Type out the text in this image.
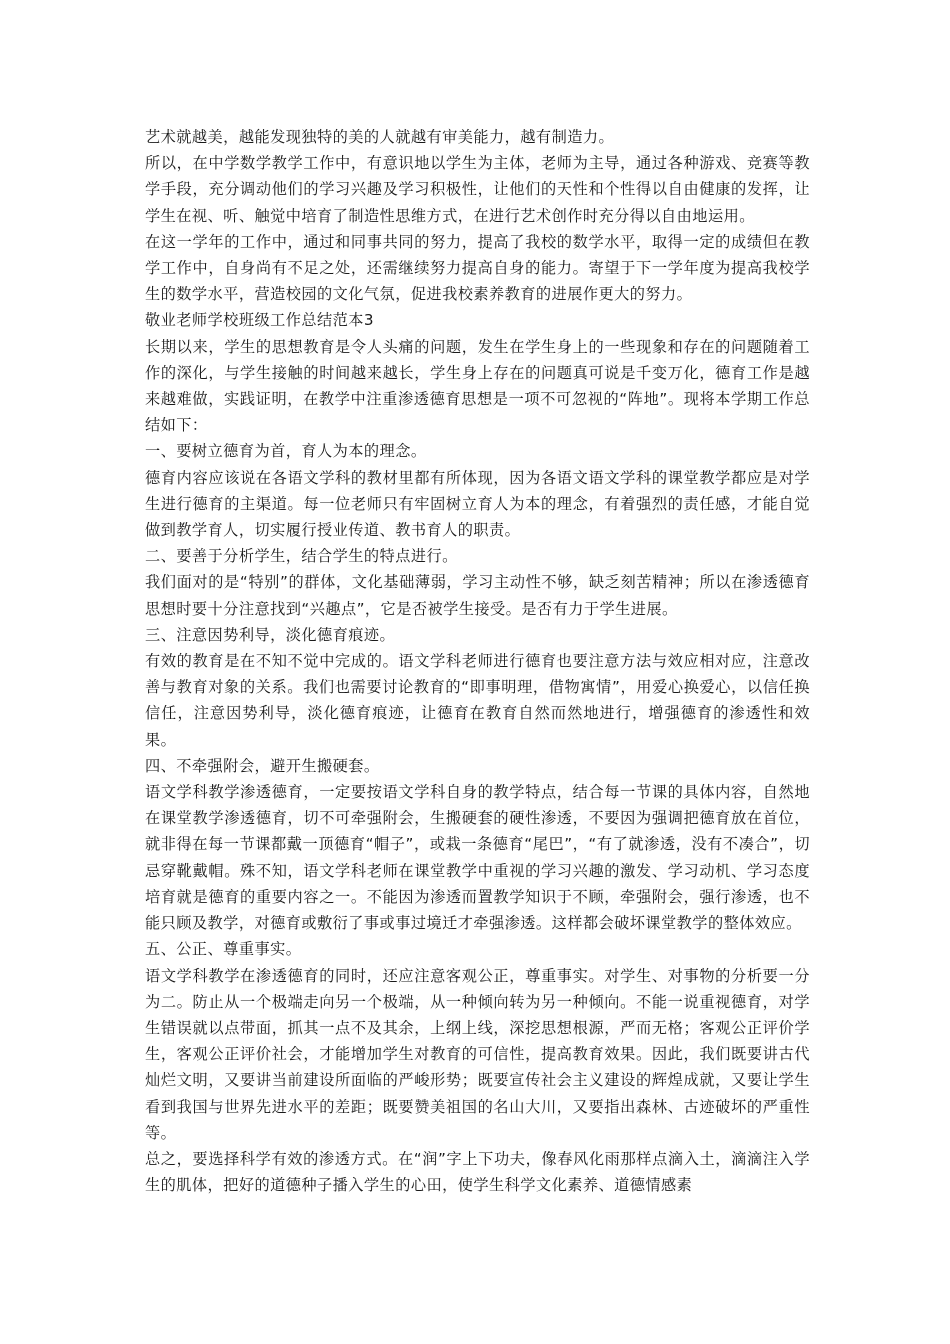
艺术就越美，越能发现独特的美的人就越有审美能力，越有制造力。

所以，在中学数学教学工作中，有意识地以学生为主体，老师为主导，通过各种游戏、竞赛等教学手段，充分调动他们的学习兴趣及学习积极性，让他们的天性和个性得以自由健康的发挥，让学生在视、听、触觉中培育了制造性思维方式，在进行艺术创作时充分得以自由地运用。

在这一学年的工作中，通过和同事共同的努力，提高了我校的数学水平，取得一定的成绩但在教学工作中，自身尚有不足之处，还需继续努力提高自身的能力。寄望于下一学年度为提高我校学生的数学水平，营造校园的文化气氛，促进我校素养教育的进展作更大的努力。

敬业老师学校班级工作总结范本3

长期以来，学生的思想教育是令人头痛的问题，发生在学生身上的一些现象和存在的问题随着工作的深化，与学生接触的时间越来越长，学生身上存在的问题真可说是千变万化，德育工作是越来越难做，实践证明，在教学中注重渗透德育思想是一项不可忽视的“阵地”。现将本学期工作总结如下：

一、要树立德育为首，育人为本的理念。

德育内容应该说在各语文学科的教材里都有所体现，因为各语文语文学科的课堂教学都应是对学生进行德育的主渠道。每一位老师只有牢固树立育人为本的理念，有着强烈的责任感，才能自觉做到教学育人，切实履行授业传道、教书育人的职责。

二、要善于分析学生，结合学生的特点进行。

我们面对的是“特别”的群体，文化基础薄弱，学习主动性不够，缺乏刻苦精神；所以在渗透德育思想时要十分注意找到“兴趣点”，它是否被学生接受。是否有力于学生进展。

三、注意因势利导，淡化德育痕迹。

有效的教育是在不知不觉中完成的。语文学科老师进行德育也要注意方法与效应相对应，注意改善与教育对象的关系。我们也需要讨论教育的“即事明理，借物寓情”，用爱心换爱心，以信任换信任，注意因势利导，淡化德育痕迹，让德育在教育自然而然地进行，增强德育的渗透性和效果。

四、不牵强附会，避开生搬硬套。

语文学科教学渗透德育，一定要按语文学科自身的教学特点，结合每一节课的具体内容，自然地在课堂教学渗透德育，切不可牵强附会，生搬硬套的硬性渗透，不要因为强调把德育放在首位，就非得在每一节课都戴一顶德育“帽子”，或栽一条德育“尾巴”，“有了就渗透，没有不凑合”，切忌穿靴戴帽。殊不知，语文学科老师在课堂教学中重视的学习兴趣的激发、学习动机、学习态度培育就是德育的重要内容之一。不能因为渗透而置教学知识于不顾，牵强附会，强行渗透，也不能只顾及教学，对德育或敷衍了事或事过境迁才牵强渗透。这样都会破坏课堂教学的整体效应。

五、公正、尊重事实。

语文学科教学在渗透德育的同时，还应注意客观公正，尊重事实。对学生、对事物的分析要一分为二。防止从一个极端走向另一个极端，从一种倾向转为另一种倾向。不能一说重视德育，对学生错误就以点带面，抓其一点不及其余，上纲上线，深挖思想根源，严而无格；客观公正评价学生，客观公正评价社会，才能增加学生对教育的可信性，提高教育效果。因此，我们既要讲古代灿烂文明，又要讲当前建设所面临的严峻形势；既要宣传社会主义建设的辉煌成就，又要让学生看到我国与世界先进水平的差距；既要赞美祖国的名山大川，又要指出森林、古迹破坏的严重性等。

总之，要选择科学有效的渗透方式。在“润”字上下功夫，像春风化雨那样点滴入土，滴滴注入学生的肌体，把好的道德种子播入学生的心田，使学生科学文化素养、道德情感素
